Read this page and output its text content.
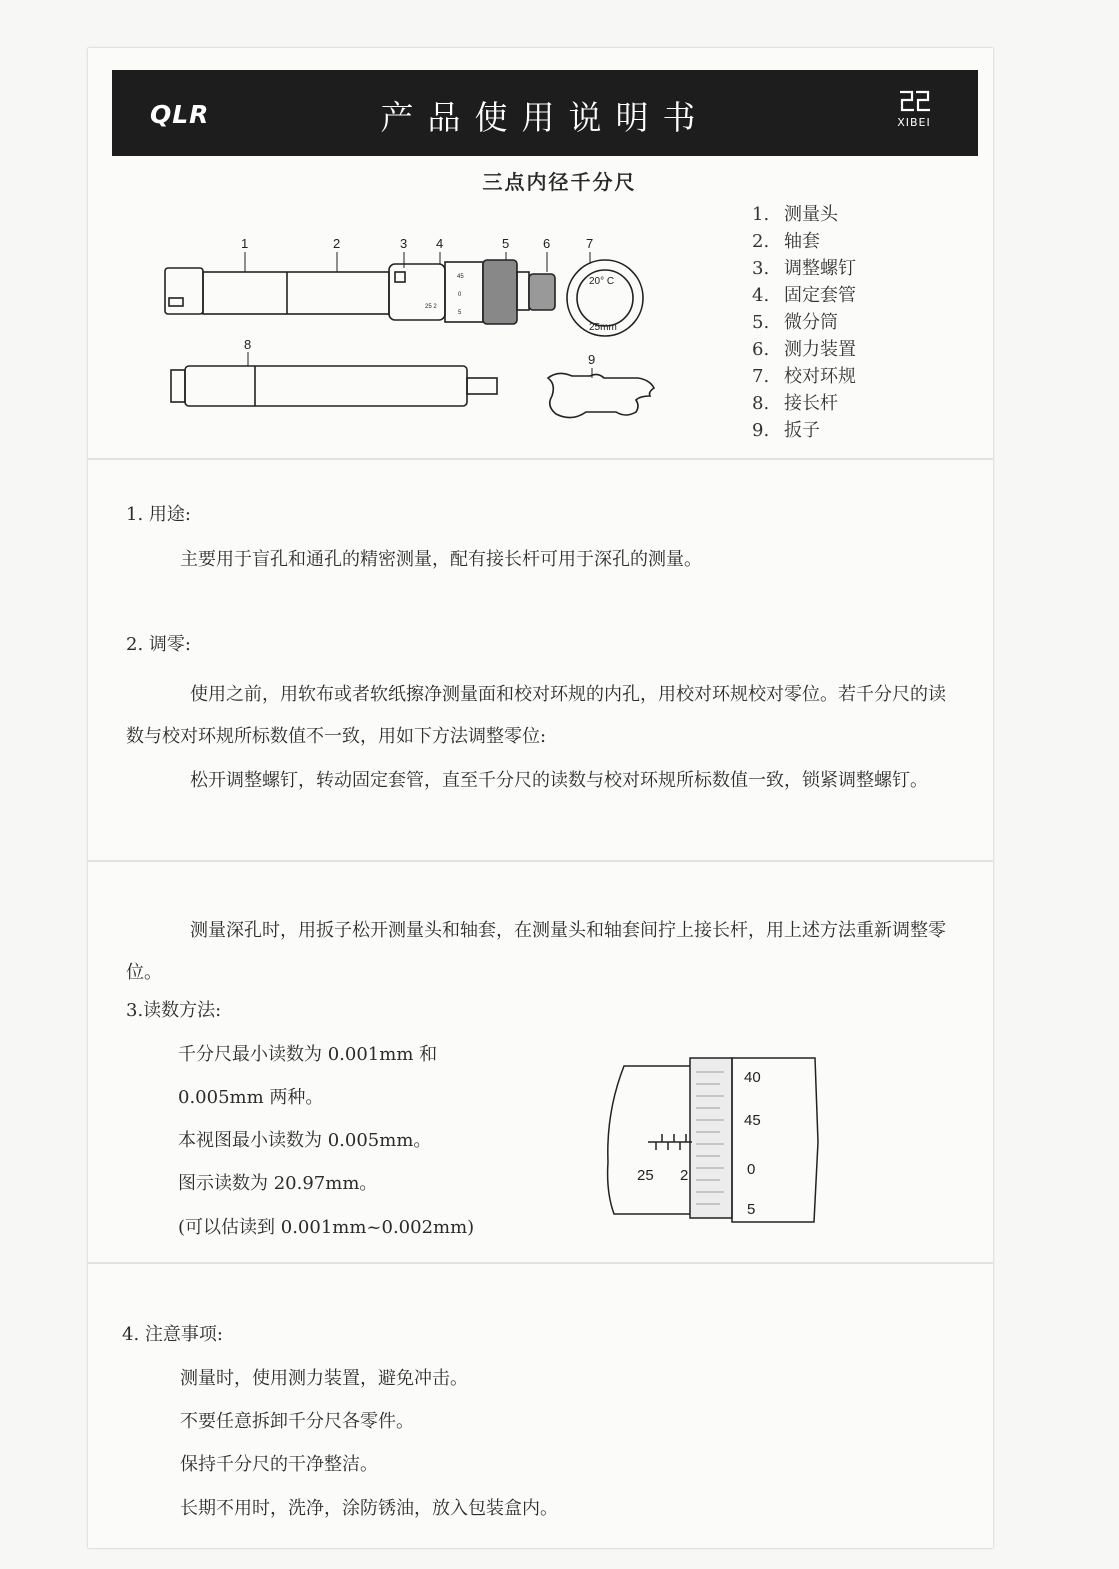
QLR	产品使用说明书	XIBEI
三点内径千分尺
1	2	3 4	5	6	7
8
9
20° C
25mm
45
0
5
25 2
1. 测量头
2. 轴套
3. 调整螺钉
4. 固定套管
5. 微分筒
6. 测力装置
7. 校对环规
8. 接长杆
9. 扳子
1. 用途:
主要用于盲孔和通孔的精密测量，配有接长杆可用于深孔的测量。
2. 调零:
使用之前，用软布或者软纸擦净测量面和校对环规的内孔，用校对环规校对零位。若千分尺的读数与校对环规所标数值不一致，用如下方法调整零位:
松开调整螺钉，转动固定套管，直至千分尺的读数与校对环规所标数值一致，锁紧调整螺钉。
测量深孔时，用扳子松开测量头和轴套，在测量头和轴套间拧上接长杆，用上述方法重新调整零位。
3.读数方法:
千分尺最小读数为 0.001mm 和
0.005mm 两种。
本视图最小读数为 0.005mm。
图示读数为 20.97mm。
(可以估读到 0.001mm~0.002mm)
40
45
0
5
25 2
4. 注意事项:
测量时，使用测力装置，避免冲击。
不要任意拆卸千分尺各零件。
保持千分尺的干净整洁。
长期不用时，洗净，涂防锈油，放入包装盒内。
